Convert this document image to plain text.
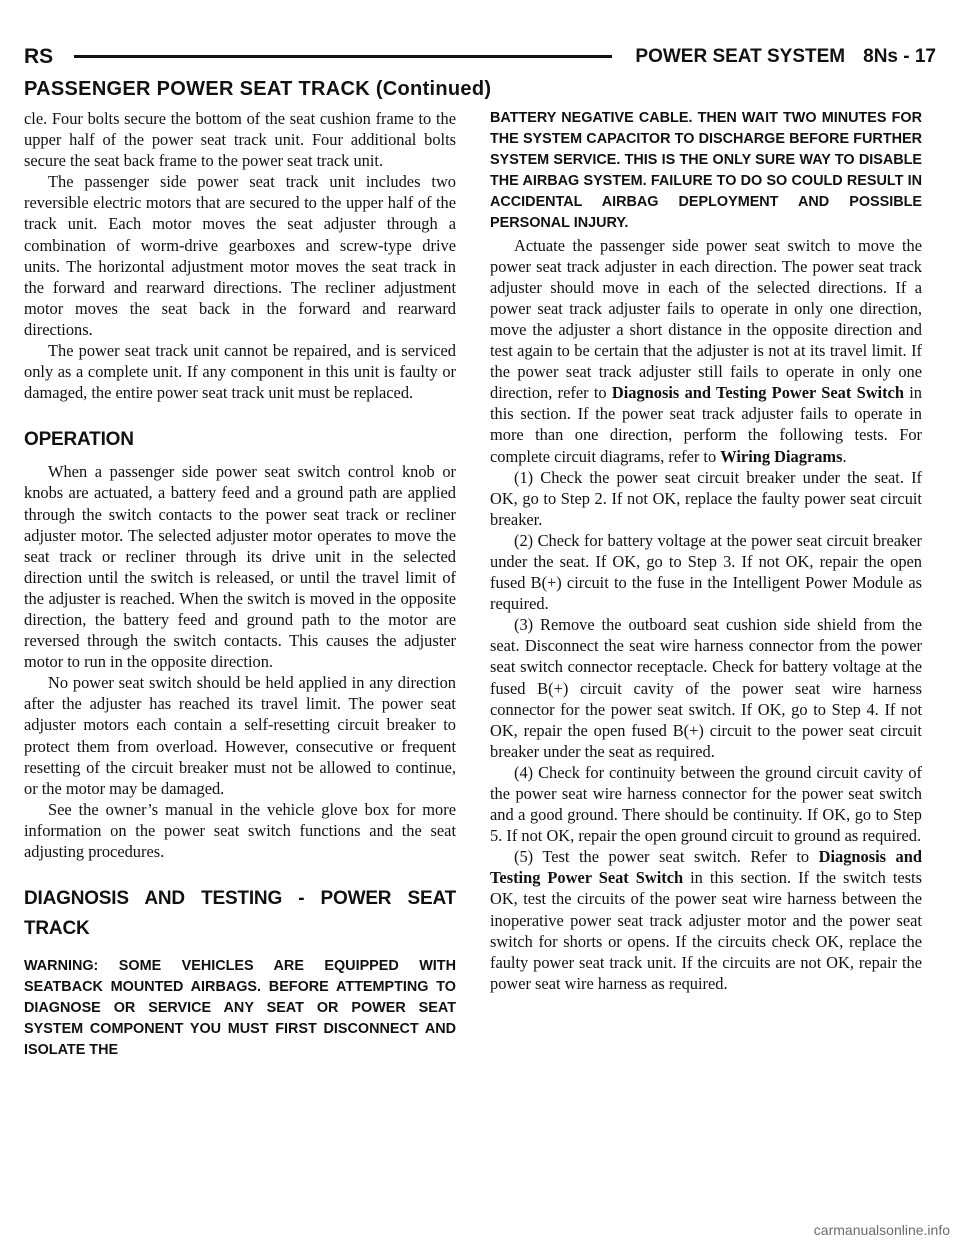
RS	POWER SEAT SYSTEM 8Ns - 17
PASSENGER POWER SEAT TRACK (Continued)

cle. Four bolts secure the bottom of the seat cushion frame to the upper half of the power seat track unit. Four additional bolts secure the seat back frame to the power seat track unit.

The passenger side power seat track unit includes two reversible electric motors that are secured to the upper half of the track unit. Each motor moves the seat adjuster through a combination of worm-drive gearboxes and screw-type drive units. The horizontal adjustment motor moves the seat track in the forward and rearward directions. The recliner adjustment motor moves the seat back in the forward and rearward directions.

The power seat track unit cannot be repaired, and is serviced only as a complete unit. If any component in this unit is faulty or damaged, the entire power seat track unit must be replaced.

OPERATION

When a passenger side power seat switch control knob or knobs are actuated, a battery feed and a ground path are applied through the switch contacts to the power seat track or recliner adjuster motor. The selected adjuster motor operates to move the seat track or recliner through its drive unit in the selected direction until the switch is released, or until the travel limit of the adjuster is reached. When the switch is moved in the opposite direction, the battery feed and ground path to the motor are reversed through the switch contacts. This causes the adjuster motor to run in the opposite direction.

No power seat switch should be held applied in any direction after the adjuster has reached its travel limit. The power seat adjuster motors each contain a self-resetting circuit breaker to protect them from overload. However, consecutive or frequent resetting of the circuit breaker must not be allowed to continue, or the motor may be damaged.

See the owner’s manual in the vehicle glove box for more information on the power seat switch functions and the seat adjusting procedures.

DIAGNOSIS AND TESTING - POWER SEAT TRACK
WARNING: SOME VEHICLES ARE EQUIPPED WITH SEATBACK MOUNTED AIRBAGS. BEFORE ATTEMPTING TO DIAGNOSE OR SERVICE ANY SEAT OR POWER SEAT SYSTEM COMPONENT YOU MUST FIRST DISCONNECT AND ISOLATE THE
BATTERY NEGATIVE CABLE. THEN WAIT TWO MINUTES FOR THE SYSTEM CAPACITOR TO DISCHARGE BEFORE FURTHER SYSTEM SERVICE. THIS IS THE ONLY SURE WAY TO DISABLE THE AIRBAG SYSTEM. FAILURE TO DO SO COULD RESULT IN ACCIDENTAL AIRBAG DEPLOYMENT AND POSSIBLE PERSONAL INJURY.

Actuate the passenger side power seat switch to move the power seat track adjuster in each direction. The power seat track adjuster should move in each of the selected directions. If a power seat track adjuster fails to operate in only one direction, move the adjuster a short distance in the opposite direction and test again to be certain that the adjuster is not at its travel limit. If the power seat track adjuster still fails to operate in only one direction, refer to Diagnosis and Testing Power Seat Switch in this section. If the power seat track adjuster fails to operate in more than one direction, perform the following tests. For complete circuit diagrams, refer to Wiring Diagrams.

(1) Check the power seat circuit breaker under the seat. If OK, go to Step 2. If not OK, replace the faulty power seat circuit breaker.

(2) Check for battery voltage at the power seat circuit breaker under the seat. If OK, go to Step 3. If not OK, repair the open fused B(+) circuit to the fuse in the Intelligent Power Module as required.

(3) Remove the outboard seat cushion side shield from the seat. Disconnect the seat wire harness connector from the power seat switch connector receptacle. Check for battery voltage at the fused B(+) circuit cavity of the power seat wire harness connector for the power seat switch. If OK, go to Step 4. If not OK, repair the open fused B(+) circuit to the power seat circuit breaker under the seat as required.

(4) Check for continuity between the ground circuit cavity of the power seat wire harness connector for the power seat switch and a good ground. There should be continuity. If OK, go to Step 5. If not OK, repair the open ground circuit to ground as required.

(5) Test the power seat switch. Refer to Diagnosis and Testing Power Seat Switch in this section. If the switch tests OK, test the circuits of the power seat wire harness between the inoperative power seat track adjuster motor and the power seat switch for shorts or opens. If the circuits check OK, replace the faulty power seat track unit. If the circuits are not OK, repair the power seat wire harness as required.

carmanualsonline.info
